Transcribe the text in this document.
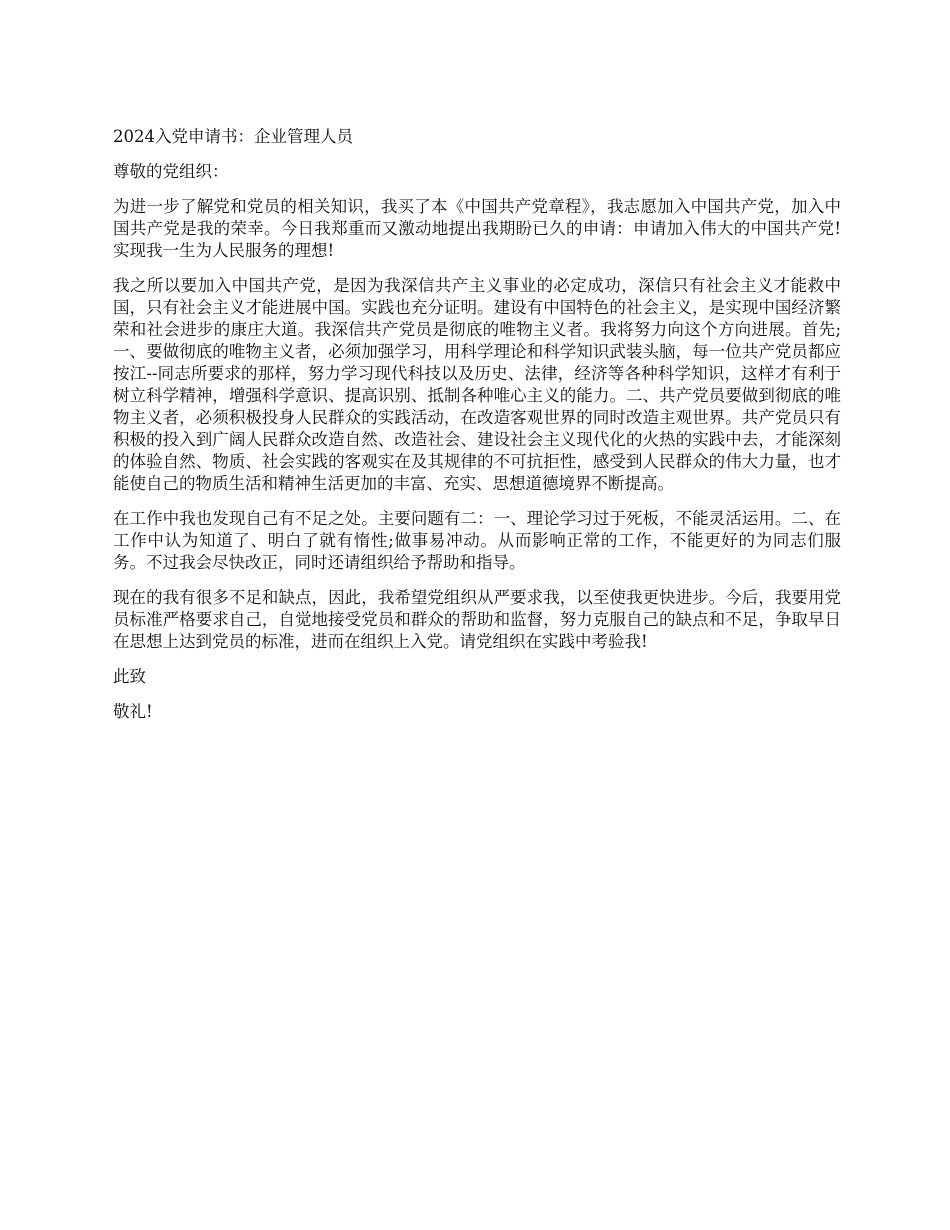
2024入党申请书：企业管理人员

尊敬的党组织：

为进一步了解党和党员的相关知识，我买了本《中国共产党章程》，我志愿加入中国共产党，加入中国共产党是我的荣幸。今日我郑重而又激动地提出我期盼已久的申请：申请加入伟大的中国共产党!实现我一生为人民服务的理想!

我之所以要加入中国共产党，是因为我深信共产主义事业的必定成功，深信只有社会主义才能救中国，只有社会主义才能进展中国。实践也充分证明。建设有中国特色的社会主义，是实现中国经济繁荣和社会进步的康庄大道。我深信共产党员是彻底的唯物主义者。我将努力向这个方向进展。首先;一、要做彻底的唯物主义者，必须加强学习，用科学理论和科学知识武装头脑，每一位共产党员都应按江--同志所要求的那样，努力学习现代科技以及历史、法律，经济等各种科学知识，这样才有利于树立科学精神，增强科学意识、提高识别、抵制各种唯心主义的能力。二、共产党员要做到彻底的唯物主义者，必须积极投身人民群众的实践活动，在改造客观世界的同时改造主观世界。共产党员只有积极的投入到广阔人民群众改造自然、改造社会、建设社会主义现代化的火热的实践中去，才能深刻的体验自然、物质、社会实践的客观实在及其规律的不可抗拒性，感受到人民群众的伟大力量，也才能使自己的物质生活和精神生活更加的丰富、充实、思想道德境界不断提高。

在工作中我也发现自己有不足之处。主要问题有二：一、理论学习过于死板，不能灵活运用。二、在工作中认为知道了、明白了就有惰性;做事易冲动。从而影响正常的工作，不能更好的为同志们服务。不过我会尽快改正，同时还请组织给予帮助和指导。

现在的我有很多不足和缺点，因此，我希望党组织从严要求我，以至使我更快进步。今后，我要用党员标准严格要求自己，自觉地接受党员和群众的帮助和监督，努力克服自己的缺点和不足，争取早日在思想上达到党员的标准，进而在组织上入党。请党组织在实践中考验我!

此致

敬礼!
